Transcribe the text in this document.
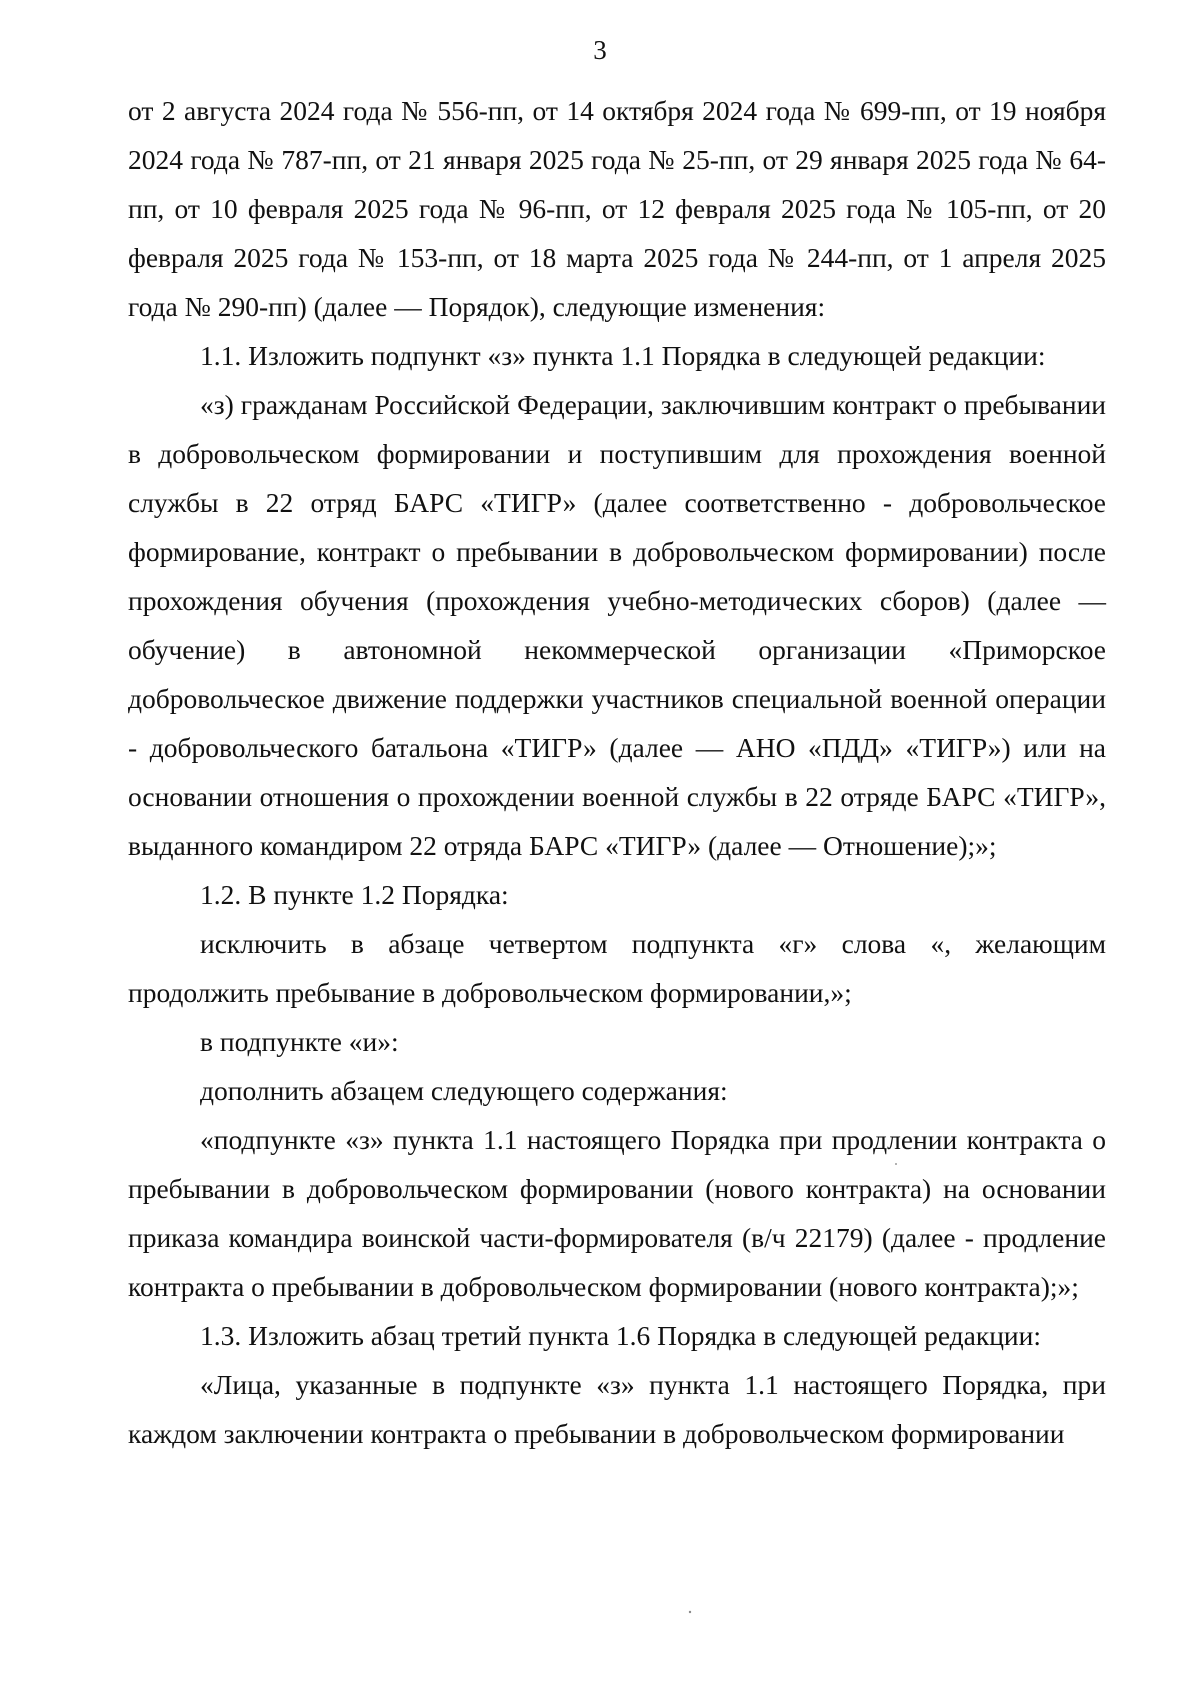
3

от 2 августа 2024 года № 556-пп, от 14 октября 2024 года № 699-пп, от 19 ноября 2024 года № 787-пп, от 21 января 2025 года № 25-пп, от 29 января 2025 года № 64-пп, от 10 февраля 2025 года № 96-пп, от 12 февраля 2025 года № 105-пп, от 20 февраля 2025 года № 153-пп, от 18 марта 2025 года № 244-пп, от 1 апреля 2025 года № 290-пп) (далее — Порядок), следующие изменения:

1.1. Изложить подпункт «з» пункта 1.1 Порядка в следующей редакции:

«з) гражданам Российской Федерации, заключившим контракт о пребывании в добровольческом формировании и поступившим для прохождения военной службы в 22 отряд БАРС «ТИГР» (далее соответственно - добровольческое формирование, контракт о пребывании в добровольческом формировании) после прохождения обучения (прохождения учебно-методических сборов) (далее — обучение) в автономной некоммерческой организации «Приморское добровольческое движение поддержки участников специальной военной операции - добровольческого батальона «ТИГР» (далее — АНО «ПДД» «ТИГР») или на основании отношения о прохождении военной службы в 22 отряде БАРС «ТИГР», выданного командиром 22 отряда БАРС «ТИГР» (далее — Отношение);»;

1.2. В пункте 1.2 Порядка:

исключить в абзаце четвертом подпункта «г» слова «, желающим продолжить пребывание в добровольческом формировании,»;

в подпункте «и»:

дополнить абзацем следующего содержания:

«подпункте «з» пункта 1.1 настоящего Порядка при продлении контракта о пребывании в добровольческом формировании (нового контракта) на основании приказа командира воинской части-формирователя (в/ч 22179) (далее - продление контракта о пребывании в добровольческом формировании (нового контракта);»;

1.3. Изложить абзац третий пункта 1.6 Порядка в следующей редакции:

«Лица, указанные в подпункте «з» пункта 1.1 настоящего Порядка, при каждом заключении контракта о пребывании в добровольческом формировании
